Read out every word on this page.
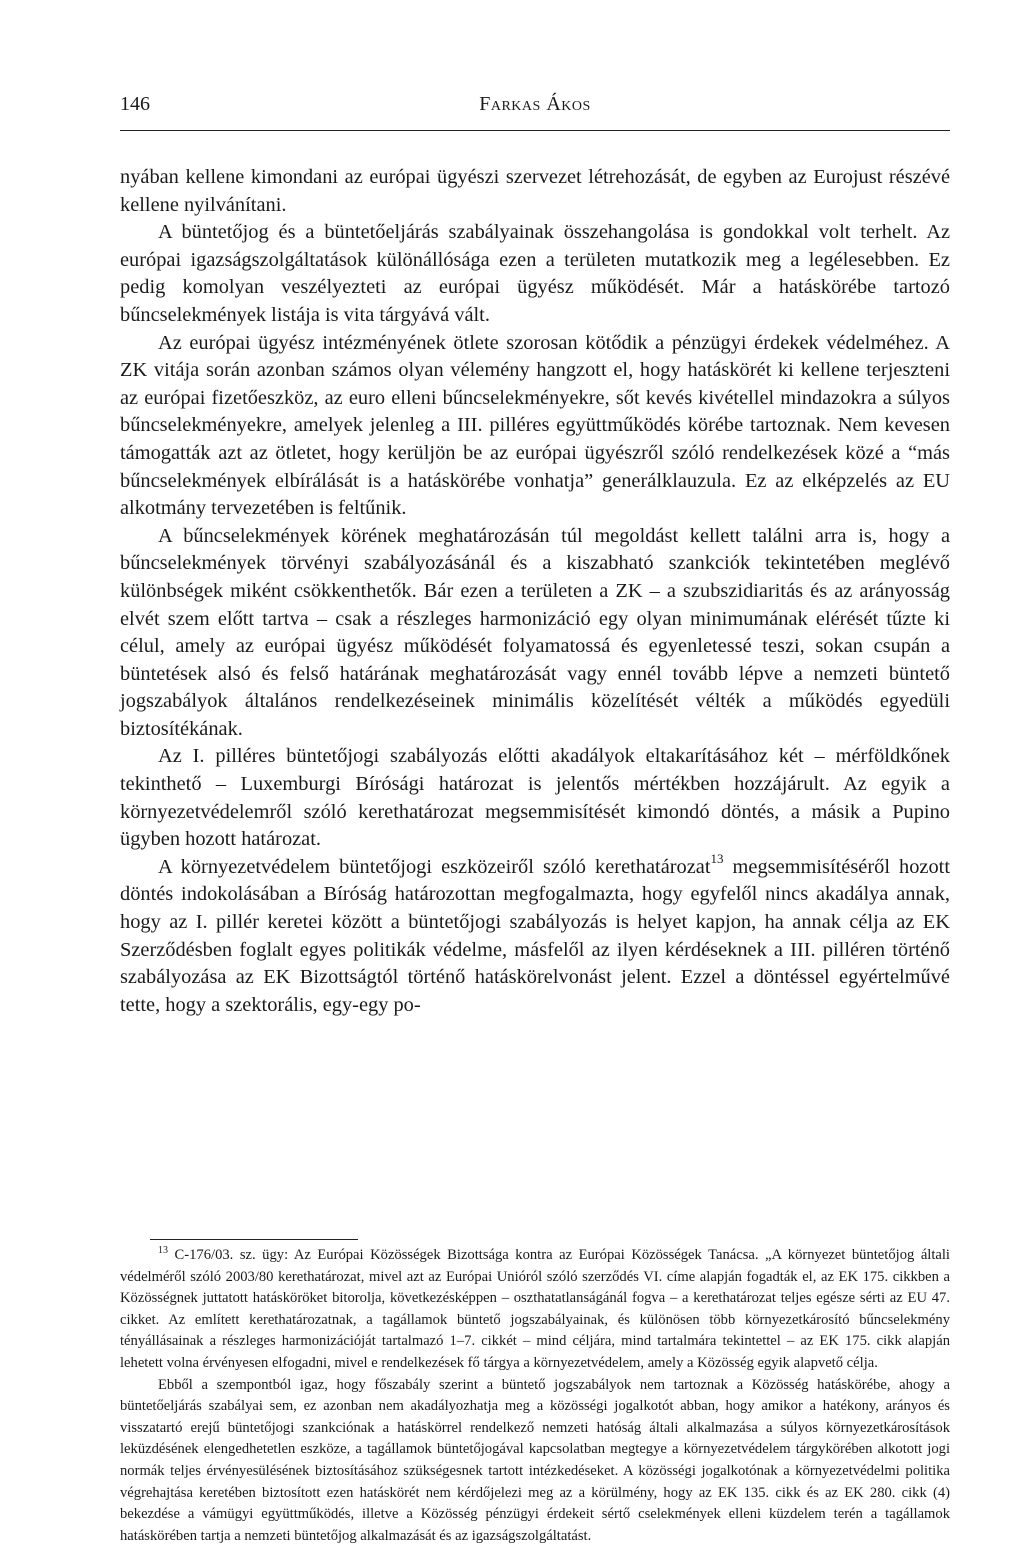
146	Farkas Ákos

nyában kellene kimondani az európai ügyészi szervezet létrehozását, de egyben az Eurojust részévé kellene nyilvánítani.

A büntetőjog és a büntetőeljárás szabályainak összehangolása is gondokkal volt terhelt. Az európai igazságszolgáltatások különállósága ezen a területen mutatkozik meg a legélesebben. Ez pedig komolyan veszélyezteti az európai ügyész működését. Már a hatáskörébe tartozó bűncselekmények listája is vita tárgyává vált.

Az európai ügyész intézményének ötlete szorosan kötődik a pénzügyi érdekek védelméhez. A ZK vitája során azonban számos olyan vélemény hangzott el, hogy hatáskörét ki kellene terjeszteni az európai fizetőeszköz, az euro elleni bűncselekményekre, sőt kevés kivétellel mindazokra a súlyos bűncselekményekre, amelyek jelenleg a III. pilléres együttműködés körébe tartoznak. Nem kevesen támogatták azt az ötletet, hogy kerüljön be az európai ügyészről szóló rendelkezések közé a “más bűncselekmények elbírálását is a hatáskörébe vonhatja” generálklauzula. Ez az elképzelés az EU alkotmány tervezetében is feltűnik.

A bűncselekmények körének meghatározásán túl megoldást kellett találni arra is, hogy a bűncselekmények törvényi szabályozásánál és a kiszabható szankciók tekintetében meglévő különbségek miként csökkenthetők. Bár ezen a területen a ZK – a szubszidiaritás és az arányosság elvét szem előtt tartva – csak a részleges harmonizáció egy olyan minimumának elérését tűzte ki célul, amely az európai ügyész működését folyamatossá és egyenletessé teszi, sokan csupán a büntetések alsó és felső határának meghatározását vagy ennél tovább lépve a nemzeti büntető jogszabályok általános rendelkezéseinek minimális közelítését vélték a működés egyedüli biztosítékának.

Az I. pilléres büntetőjogi szabályozás előtti akadályok eltakarításához két – mérföldkőnek tekinthető – Luxemburgi Bírósági határozat is jelentős mértékben hozzájárult. Az egyik a környezetvédelemről szóló kerethatározat megsemmisítését kimondó döntés, a másik a Pupino ügyben hozott határozat.

A környezetvédelem büntetőjogi eszközeiről szóló kerethatározat$^{13}$ megsemmisítéséről hozott döntés indokolásában a Bíróság határozottan megfogalmazta, hogy egyfelől nincs akadálya annak, hogy az I. pillér keretei között a büntetőjogi szabályozás is helyet kapjon, ha annak célja az EK Szerződésben foglalt egyes politikák védelme, másfelől az ilyen kérdéseknek a III. pilléren történő szabályozása az EK Bizottságtól történő hatáskörelvonást jelent. Ezzel a döntéssel egyértelművé tette, hogy a szektorális, egy-egy po-

$^{13}$ C-176/03. sz. ügy: Az Európai Közösségek Bizottsága kontra az Európai Közösségek Tanácsa. „A környezet büntetőjog általi védelméről szóló 2003/80 kerethatározat, mivel azt az Európai Unióról szóló szerződés VI. címe alapján fogadták el, az EK 175. cikkben a Közösségnek juttatott hatásköröket bitorolja, következésképpen – oszthatatlanságánál fogva – a kerethatározat teljes egésze sérti az EU 47. cikket. Az említett kerethatározatnak, a tagállamok büntető jogszabályainak, és különösen több környezetkárosító bűncselekmény tényállásainak a részleges harmonizációját tartalmazó 1–7. cikkét – mind céljára, mind tartalmára tekintettel – az EK 175. cikk alapján lehetett volna érvényesen elfogadni, mivel e rendelkezések fő tárgya a környezetvédelem, amely a Közösség egyik alapvető célja.

Ebből a szempontból igaz, hogy főszabály szerint a büntető jogszabályok nem tartoznak a Közösség hatáskörébe, ahogy a büntetőeljárás szabályai sem, ez azonban nem akadályozhatja meg a közösségi jogalkotót abban, hogy amikor a hatékony, arányos és visszatartó erejű büntetőjogi szankciónak a hatáskörrel rendelkező nemzeti hatóság általi alkalmazása a súlyos környezetkárosítások leküzdésének elengedhetetlen eszköze, a tagállamok büntetőjogával kapcsolatban megtegye a környezetvédelem tárgykörében alkotott jogi normák teljes érvényesülésének biztosításához szükségesnek tartott intézkedéseket. A közösségi jogalkotónak a környezetvédelmi politika végrehajtása keretében biztosított ezen hatáskörét nem kérdőjelezi meg az a körülmény, hogy az EK 135. cikk és az EK 280. cikk (4) bekezdése a vámügyi együttműködés, illetve a Közösség pénzügyi érdekeit sértő cselekmények elleni küzdelem terén a tagállamok hatáskörében tartja a nemzeti büntetőjog alkalmazását és az igazságszolgáltatást.
